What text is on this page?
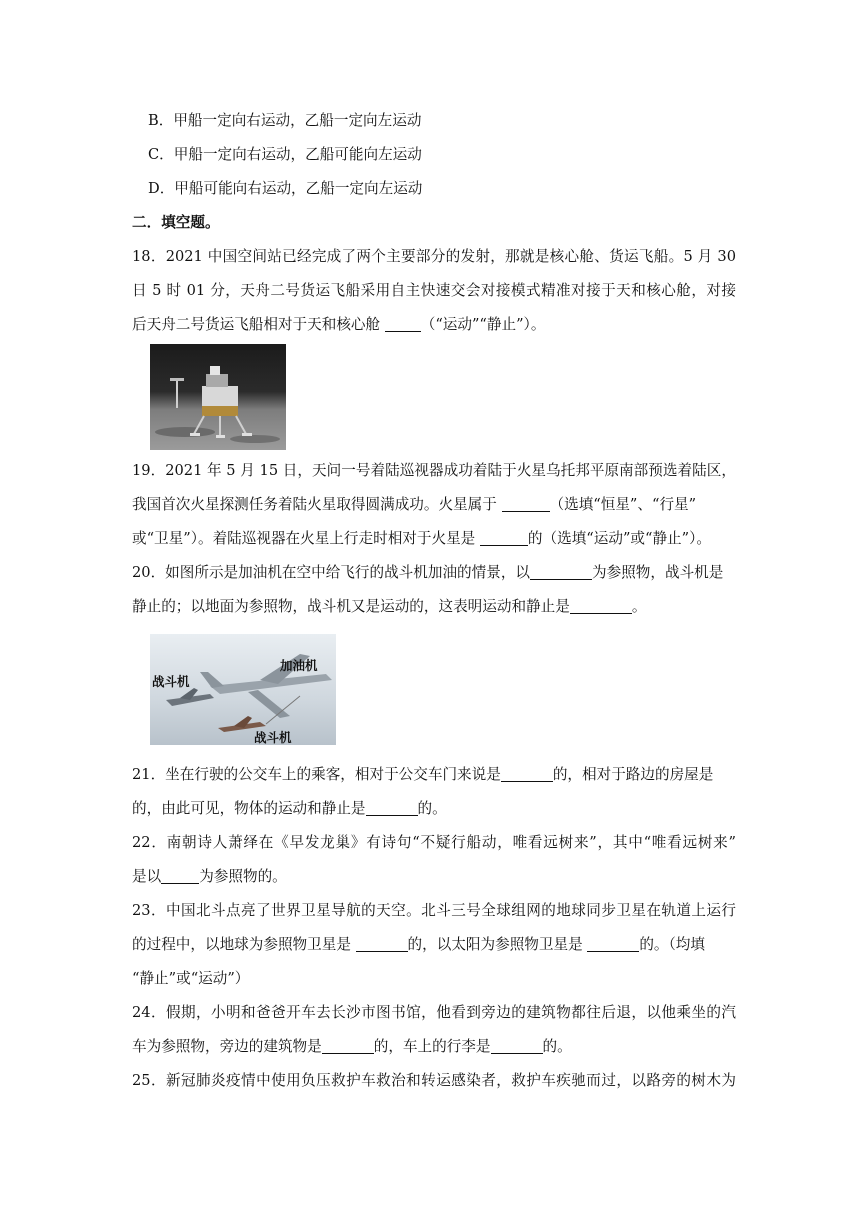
B．甲船一定向右运动，乙船一定向左运动
C．甲船一定向右运动，乙船可能向左运动
D．甲船可能向右运动，乙船一定向左运动
二．填空题。
18．2021 中国空间站已经完成了两个主要部分的发射，那就是核心舱、货运飞船。5 月 30
日 5 时 01 分，天舟二号货运飞船采用自主快速交会对接模式精准对接于天和核心舱，对接
后天舟二号货运飞船相对于天和核心舱 （“运动”“静止”）。
19．2021 年 5 月 15 日，天问一号着陆巡视器成功着陆于火星乌托邦平原南部预选着陆区，
我国首次火星探测任务着陆火星取得圆满成功。火星属于	（选填“恒星”、“行星”
或“卫星”）。着陆巡视器在火星上行走时相对于火星是	的（选填“运动”或“静止”）。
20．如图所示是加油机在空中给飞行的战斗机加油的情景，以	为参照物，战斗机是
静止的；以地面为参照物，战斗机又是运动的，这表明运动和静止是	。
加油机
战斗机
战斗机
21．坐在行驶的公交车上的乘客，相对于公交车门来说是	的，相对于路边的房屋是
的，由此可见，物体的运动和静止是	的。
22．南朝诗人萧绎在《早发龙巢》有诗句“不疑行船动，唯看远树来”，其中“唯看远树来”
是以	为参照物的。
23．中国北斗点亮了世界卫星导航的天空。北斗三号全球组网的地球同步卫星在轨道上运行
的过程中，以地球为参照物卫星是	的，以太阳为参照物卫星是	的。（均填
“静止”或“运动”）
24．假期，小明和爸爸开车去长沙市图书馆，他看到旁边的建筑物都往后退，以他乘坐的汽
车为参照物，旁边的建筑物是	的，车上的行李是	的。
25．新冠肺炎疫情中使用负压救护车救治和转运感染者，救护车疾驰而过，以路旁的树木为
